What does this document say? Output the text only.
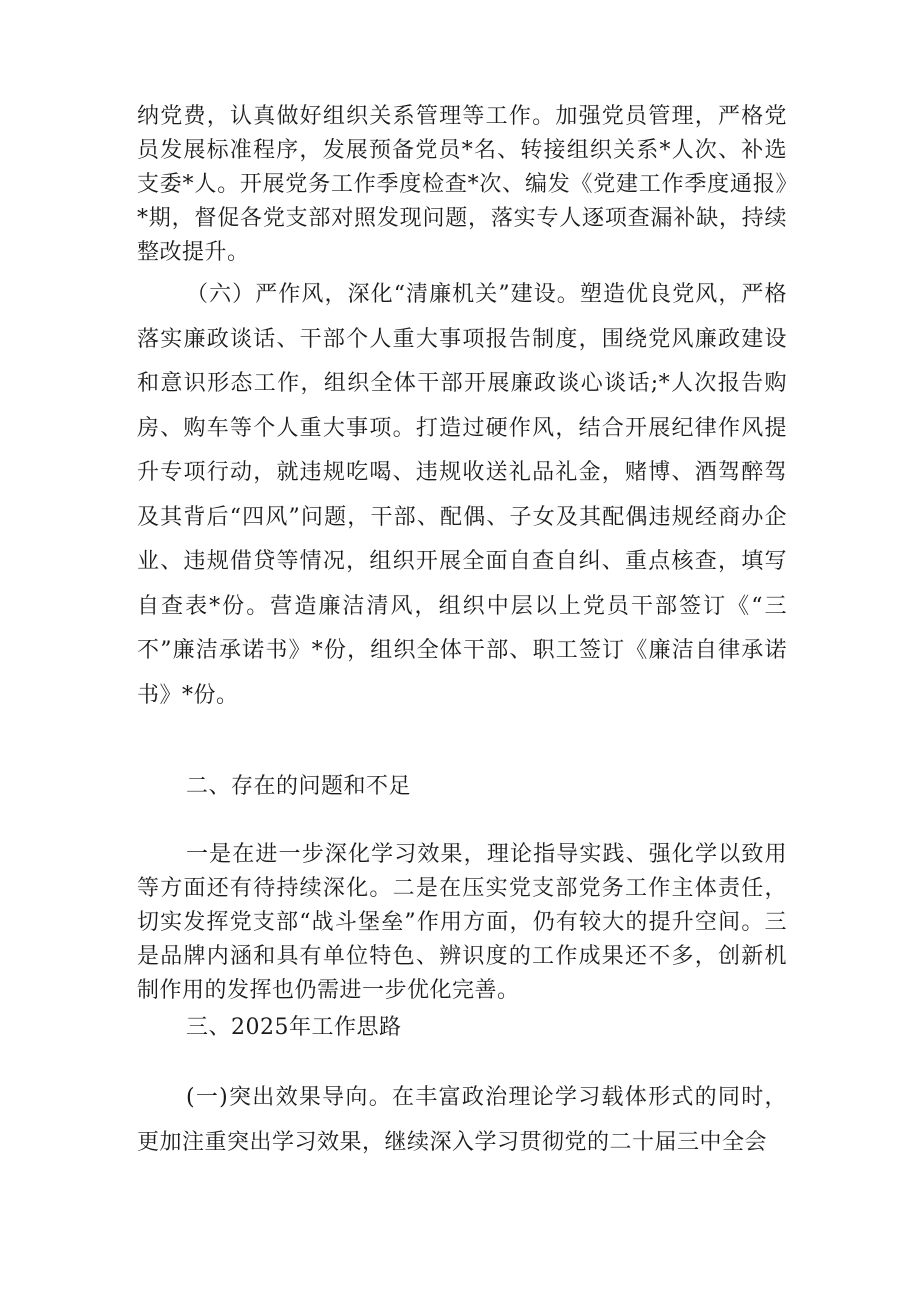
纳党费，认真做好组织关系管理等工作。加强党员管理，严格党员发展标准程序，发展预备党员*名、转接组织关系*人次、补选支委*人。开展党务工作季度检查*次、编发《党建工作季度通报》*期，督促各党支部对照发现问题，落实专人逐项查漏补缺，持续整改提升。

（六）严作风，深化“清廉机关”建设。塑造优良党风，严格落实廉政谈话、干部个人重大事项报告制度，围绕党风廉政建设和意识形态工作，组织全体干部开展廉政谈心谈话;*人次报告购房、购车等个人重大事项。打造过硬作风，结合开展纪律作风提升专项行动，就违规吃喝、违规收送礼品礼金，赌博、酒驾醉驾及其背后“四风”问题，干部、配偶、子女及其配偶违规经商办企业、违规借贷等情况，组织开展全面自查自纠、重点核查，填写自查表*份。营造廉洁清风，组织中层以上党员干部签订《“三不”廉洁承诺书》*份，组织全体干部、职工签订《廉洁自律承诺书》*份。

二、存在的问题和不足

一是在进一步深化学习效果，理论指导实践、强化学以致用等方面还有待持续深化。二是在压实党支部党务工作主体责任，切实发挥党支部“战斗堡垒”作用方面，仍有较大的提升空间。三是品牌内涵和具有单位特色、辨识度的工作成果还不多，创新机制作用的发挥也仍需进一步优化完善。

三、2025年工作思路

(一)突出效果导向。在丰富政治理论学习载体形式的同时，更加注重突出学习效果，继续深入学习贯彻党的二十届三中全会
